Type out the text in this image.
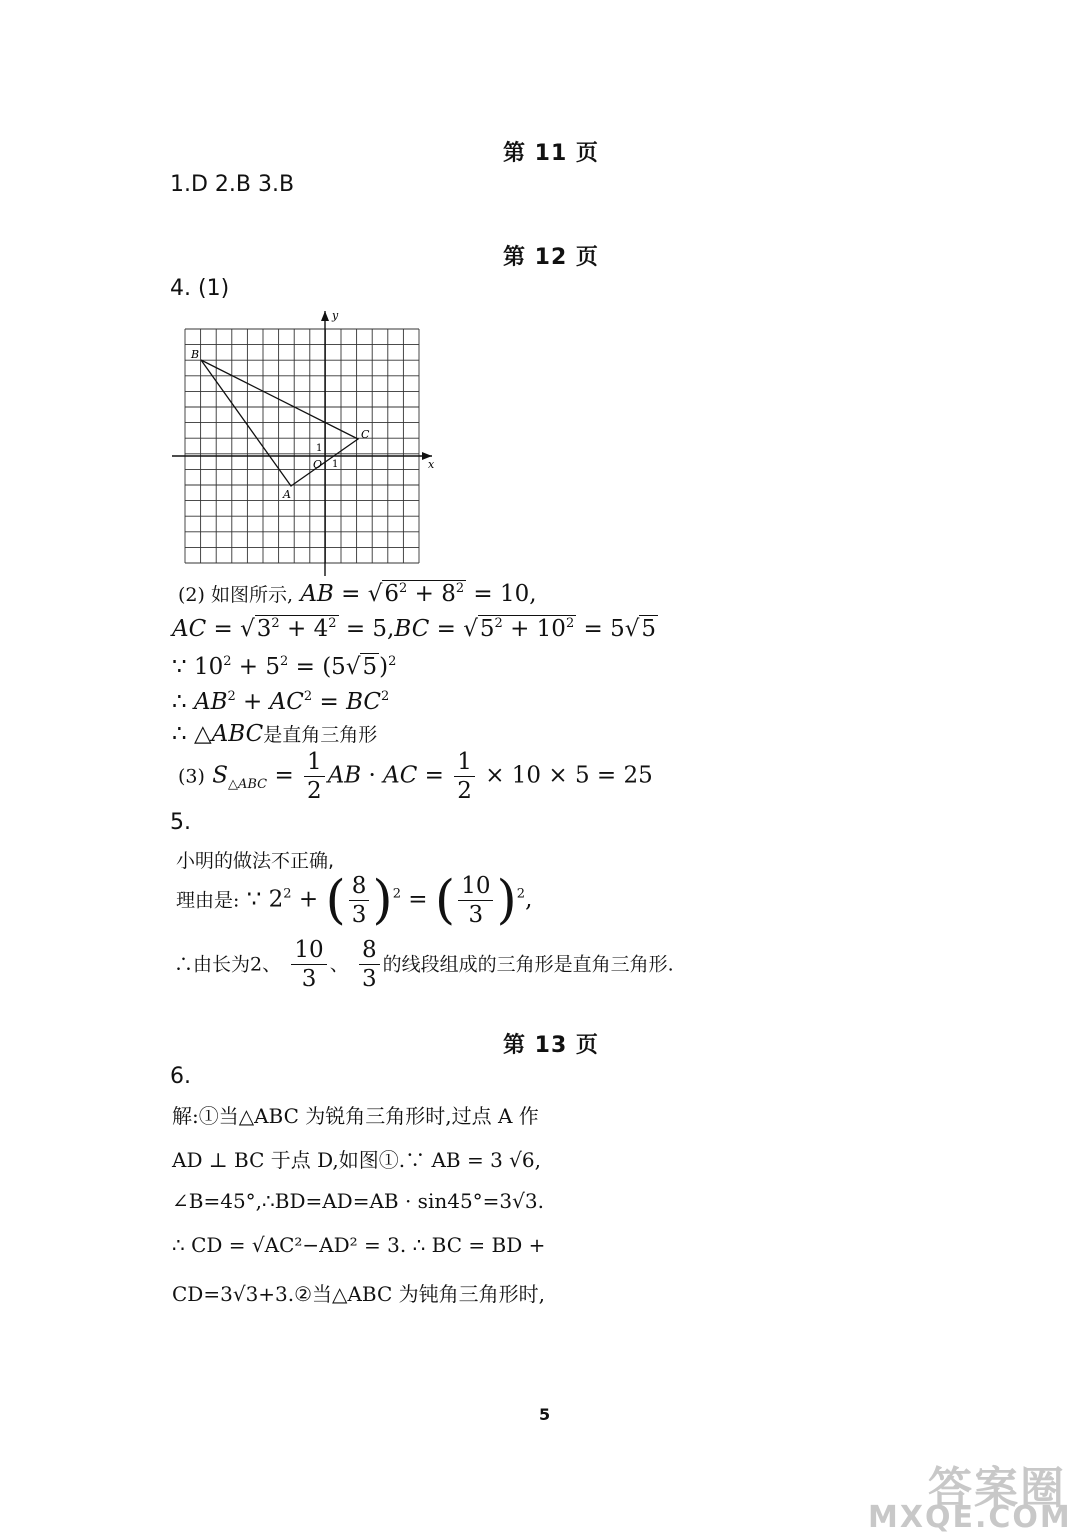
第 11 页
1.D 2.B 3.B
第 12 页
4. (1)
x
y
O 1
1
A
B
C
(2) 如图所示, AB = $√6^2 + 8^2 = 10$,
AC = $√3^2 + 4^2 = 5,BC = √5^2 + 10^2 = 5√5$
∵ $10^2 + 5^2 = (5√5)^2$
∴ $AB^2 + AC^2 = BC^2$
∴ △ABC是直角三角形
(3) $S_{\triangle ABC} = \frac{1}{2}$ AB · AC = $\frac{1}{2} \times 10 \times 5 = 25$
5.
小明的做法不正确,
理由是: ∵ $2^2$ + ( $\frac{8}{3} )^2$ = ( $\frac{10}{3} )^2$,
∴由长为2、 $\frac{10}{3}$ 、 $\frac{8}{3}$ 的线段组成的三角形是直角三角形.
第 13 页
6.
解:①当△ABC 为锐角三角形时,过点 A 作
AD ⊥ BC 于点 D,如图①.∵ AB = 3 √6,
∠B=45°,∴BD=AD=AB · sin45°=3√3.
∴ CD = √AC²−AD² = 3. ∴ BC = BD +
CD=3√3+3.②当△ABC 为钝角三角形时,
5
答案圈
MXQE.COM
